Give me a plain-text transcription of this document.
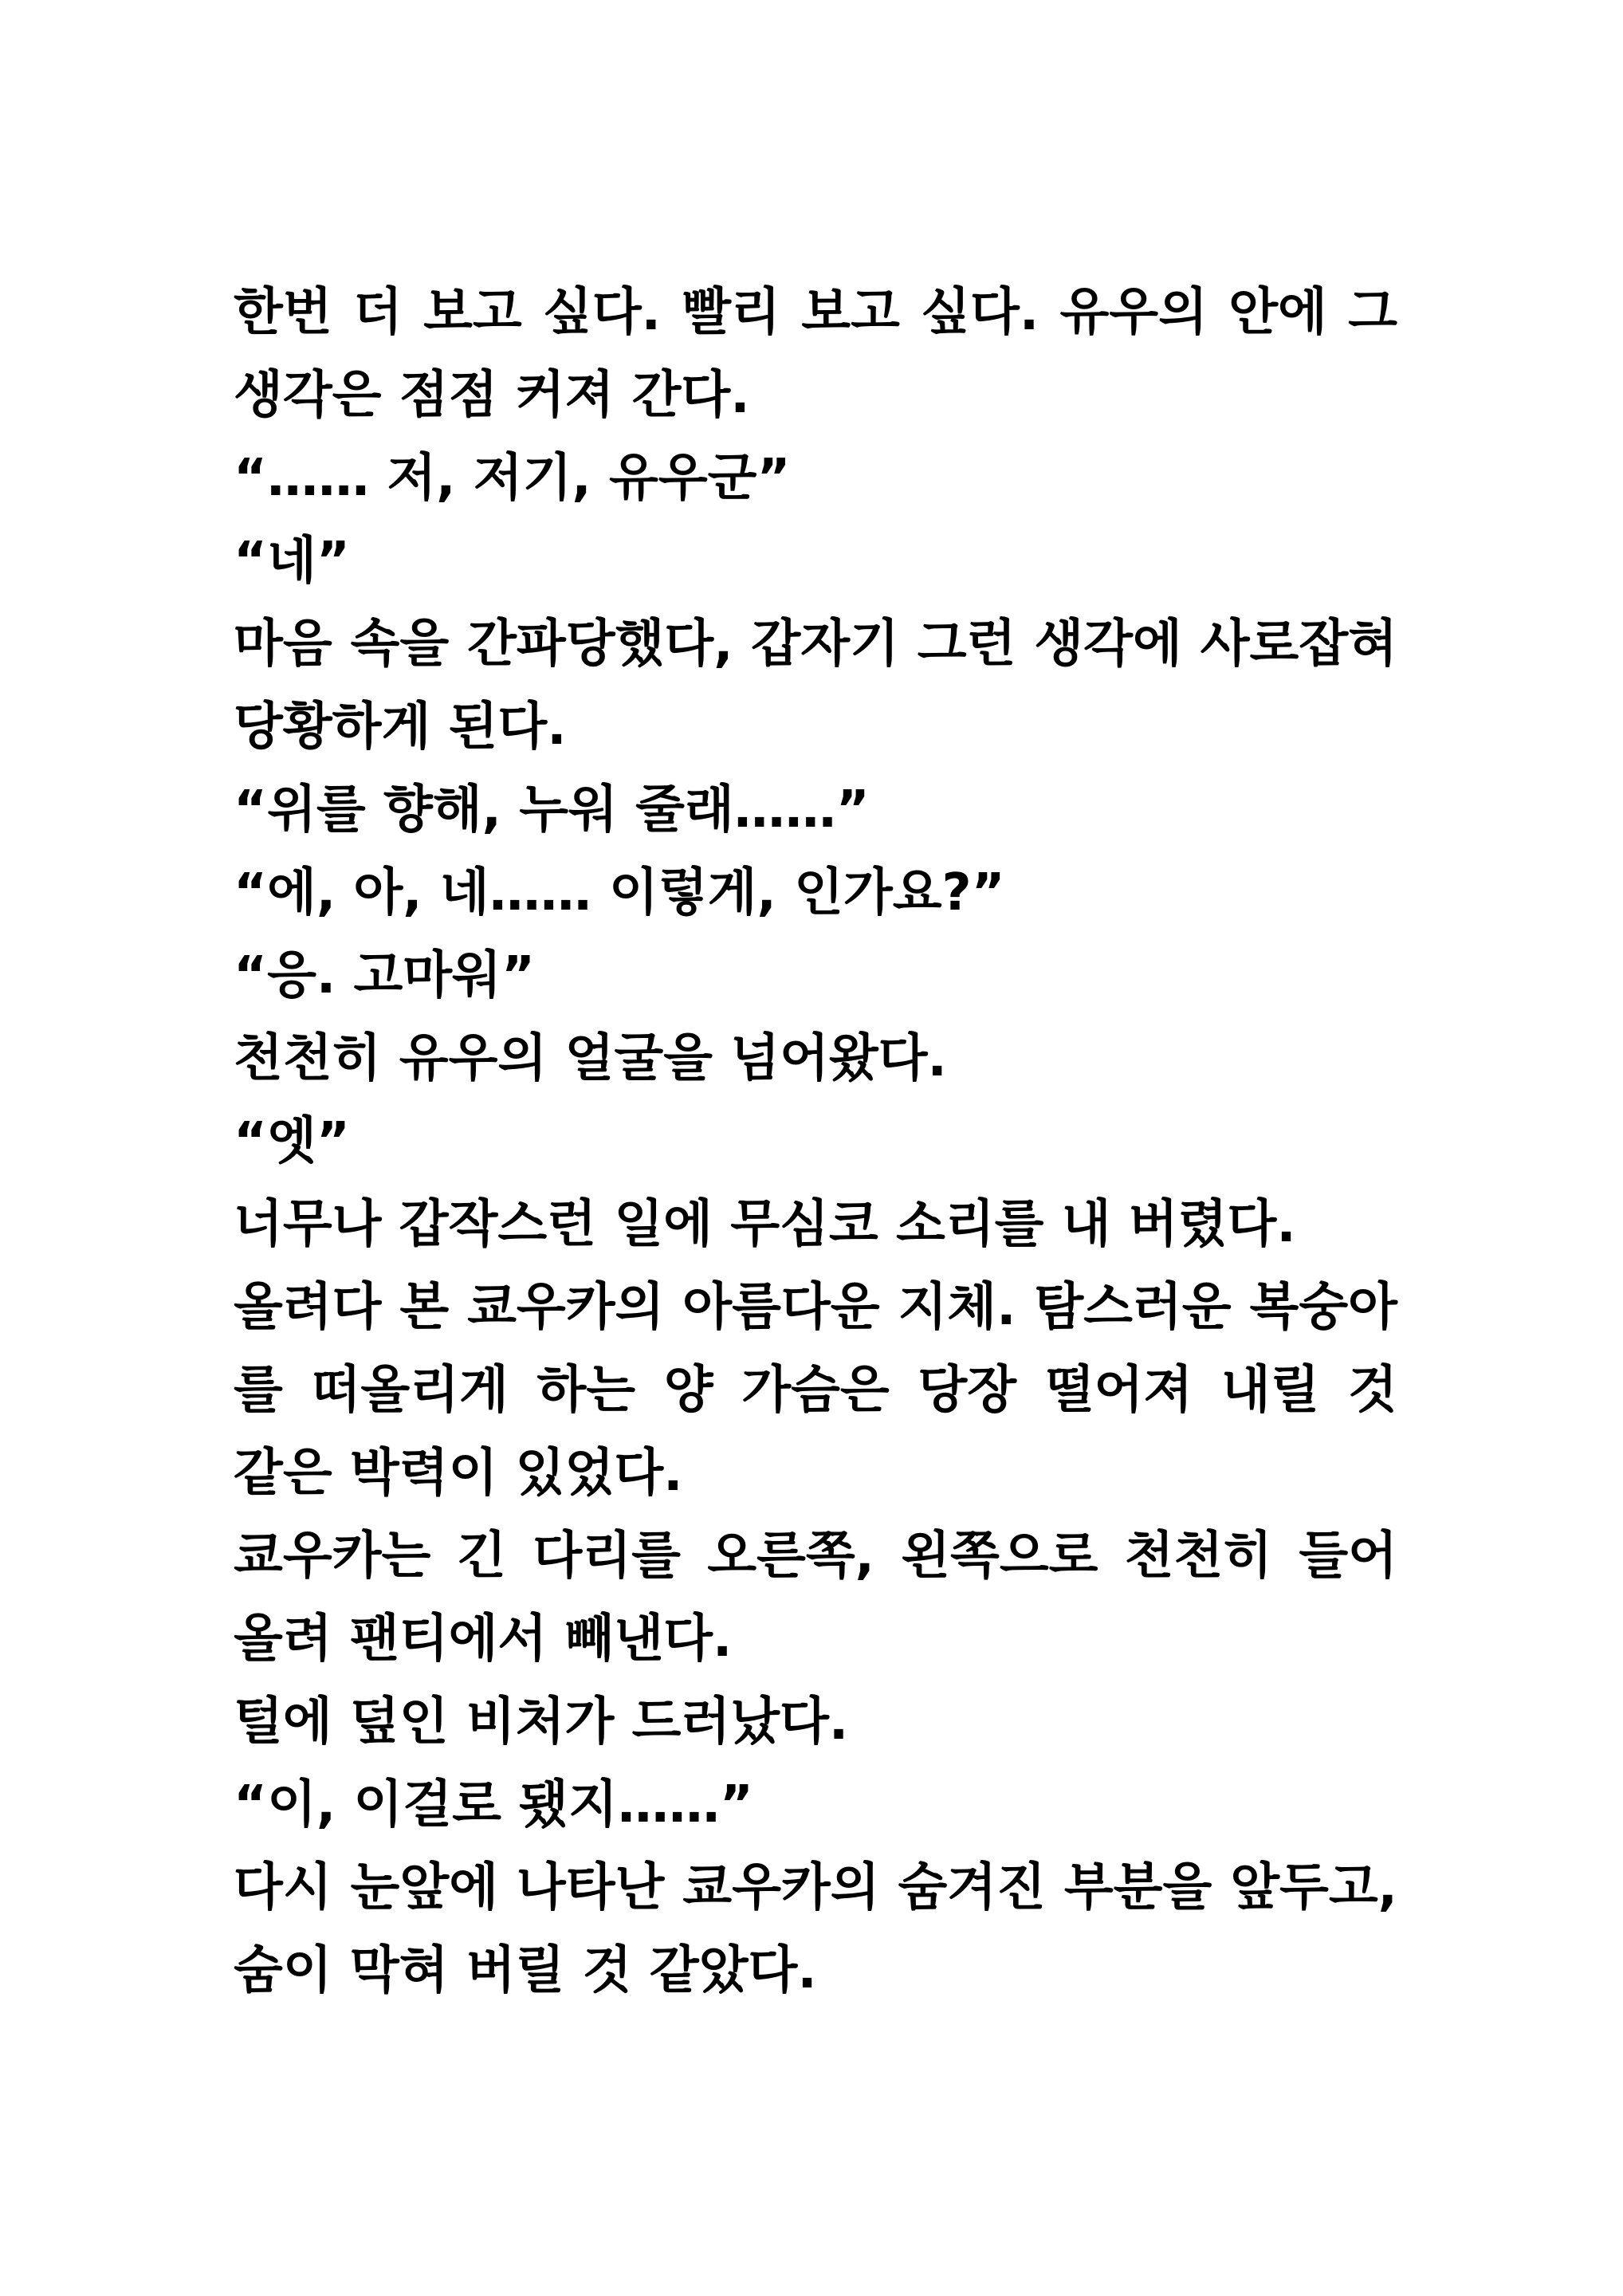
한번 더 보고 싶다. 빨리 보고 싶다. 유우의 안에 그
생각은 점점 커져 간다.
“…… 저, 저기, 유우군”
“네”
마음 속을 간파당했다, 갑자기 그런 생각에 사로잡혀
당황하게 된다.
“위를 향해, 누워 줄래……”
“에, 아, 네…… 이렇게, 인가요?”
“응. 고마워”
천천히 유우의 얼굴을 넘어왔다.
“엣”
너무나 갑작스런 일에 무심코 소리를 내 버렸다.
올려다 본 쿄우카의 아름다운 지체. 탐스러운 복숭아
를 떠올리게 하는 양 가슴은 당장 떨어져 내릴 것
같은 박력이 있었다.
쿄우카는 긴 다리를 오른쪽, 왼쪽으로 천천히 들어
올려 팬티에서 빼낸다.
털에 덮인 비처가 드러났다.
“이, 이걸로 됐지……”
다시 눈앞에 나타난 쿄우카의 숨겨진 부분을 앞두고,
숨이 막혀 버릴 것 같았다.
